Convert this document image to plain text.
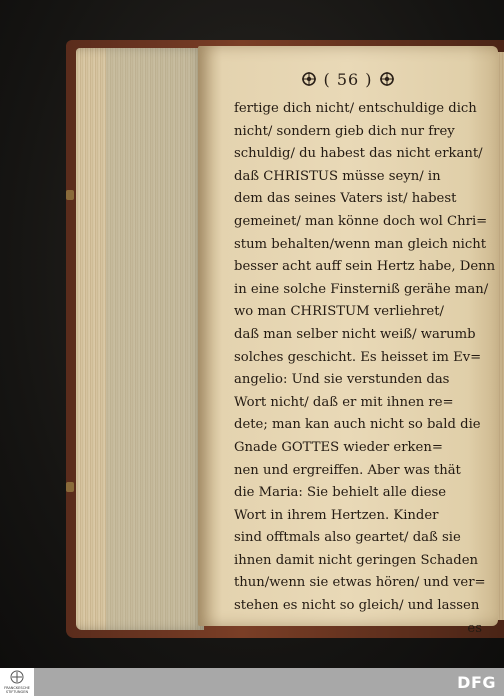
( 56 )
fertige dich nicht/ entschuldige dich
nicht/ sondern gieb dich nur frey
schuldig/ du habest das nicht erkant/
daß CHRISTUS müsse seyn/ in
dem das seines Vaters ist/ habest
gemeinet/ man könne doch wol Chri=
stum behalten/wenn man gleich nicht
besser acht auff sein Hertz habe, Denn
in eine solche Finsterniß gerähe man/
wo man CHRISTUM verliehret/
daß man selber nicht weiß/ warumb
solches geschicht. Es heisset im Ev=
angelio: Und sie verstunden das
Wort nicht/ daß er mit ihnen re=
dete; man kan auch nicht so bald die
Gnade GOTTES wieder erken=
nen und ergreiffen. Aber was thät
die Maria: Sie behielt alle diese
Wort in ihrem Hertzen. Kinder
sind offtmals also geartet/ daß sie
ihnen damit nicht geringen Schaden
thun/wenn sie etwas hören/ und ver=
stehen es nicht so gleich/ und lassen
es
FRANCKESCHE STIFTUNGEN	DFG
